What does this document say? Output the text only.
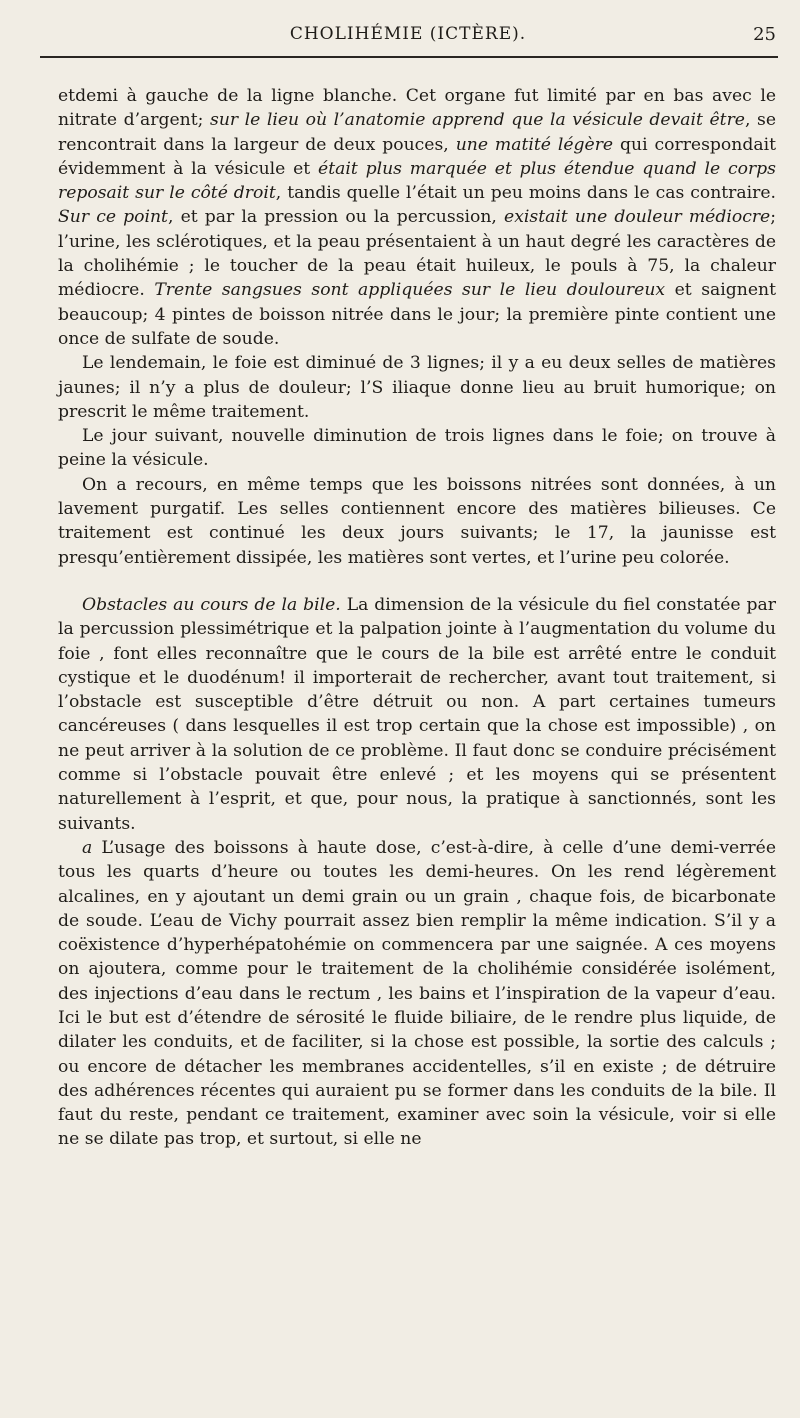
CHOLIHÉMIE (ICTÈRE).	25

etdemi à gauche de la ligne blanche. Cet organe fut limité par en bas avec le nitrate d’argent; sur le lieu où l’anatomie apprend que la vésicule devait être, se rencontrait dans la largeur de deux pouces, une matité légère qui correspondait évidemment à la vésicule et était plus marquée et plus étendue quand le corps reposait sur le côté droit, tandis quelle l’était un peu moins dans le cas contraire. Sur ce point, et par la pression ou la percussion, existait une douleur médiocre; l’urine, les sclérotiques, et la peau présentaient à un haut degré les caractères de la cholihémie ; le toucher de la peau était huileux, le pouls à 75, la chaleur médiocre. Trente sangsues sont appliquées sur le lieu douloureux et saignent beaucoup; 4 pintes de boisson nitrée dans le jour; la première pinte contient une once de sulfate de soude.

Le lendemain, le foie est diminué de 3 lignes; il y a eu deux selles de matières jaunes; il n’y a plus de douleur; l’S iliaque donne lieu au bruit humorique; on prescrit le même traitement.

Le jour suivant, nouvelle diminution de trois lignes dans le foie; on trouve à peine la vésicule.

On a recours, en même temps que les boissons nitrées sont données, à un lavement purgatif. Les selles contiennent encore des matières bilieuses. Ce traitement est continué les deux jours suivants; le 17, la jaunisse est presqu’entièrement dissipée, les matières sont vertes, et l’urine peu colorée.

Obstacles au cours de la bile. La dimension de la vésicule du fiel constatée par la percussion plessimétrique et la palpation jointe à l’augmentation du volume du foie , font elles reconnaître que le cours de la bile est arrêté entre le conduit cystique et le duodénum! il importerait de rechercher, avant tout traitement, si l’obstacle est susceptible d’être détruit ou non. A part certaines tumeurs cancéreuses ( dans lesquelles il est trop certain que la chose est impossible) , on ne peut arriver à la solution de ce problème. Il faut donc se conduire précisément comme si l’obstacle pouvait être enlevé ; et les moyens qui se présentent naturellement à l’esprit, et que, pour nous, la pratique à sanctionnés, sont les suivants.

a L’usage des boissons à haute dose, c’est-à-dire, à celle d’une demi-verrée tous les quarts d’heure ou toutes les demi-heures. On les rend légèrement alcalines, en y ajoutant un demi grain ou un grain , chaque fois, de bicarbonate de soude. L’eau de Vichy pourrait assez bien remplir la même indication. S’il y a coëxistence d’hyperhépatohémie on commencera par une saignée. A ces moyens on ajoutera, comme pour le traitement de la cholihémie considérée isolément, des injections d’eau dans le rectum , les bains et l’inspiration de la vapeur d’eau. Ici le but est d’étendre de sérosité le fluide biliaire, de le rendre plus liquide, de dilater les conduits, et de faciliter, si la chose est possible, la sortie des calculs ; ou encore de détacher les membranes accidentelles, s’il en existe ; de détruire des adhérences récentes qui auraient pu se former dans les conduits de la bile. Il faut du reste, pendant ce traitement, examiner avec soin la vésicule, voir si elle ne se dilate pas trop, et surtout, si elle ne
